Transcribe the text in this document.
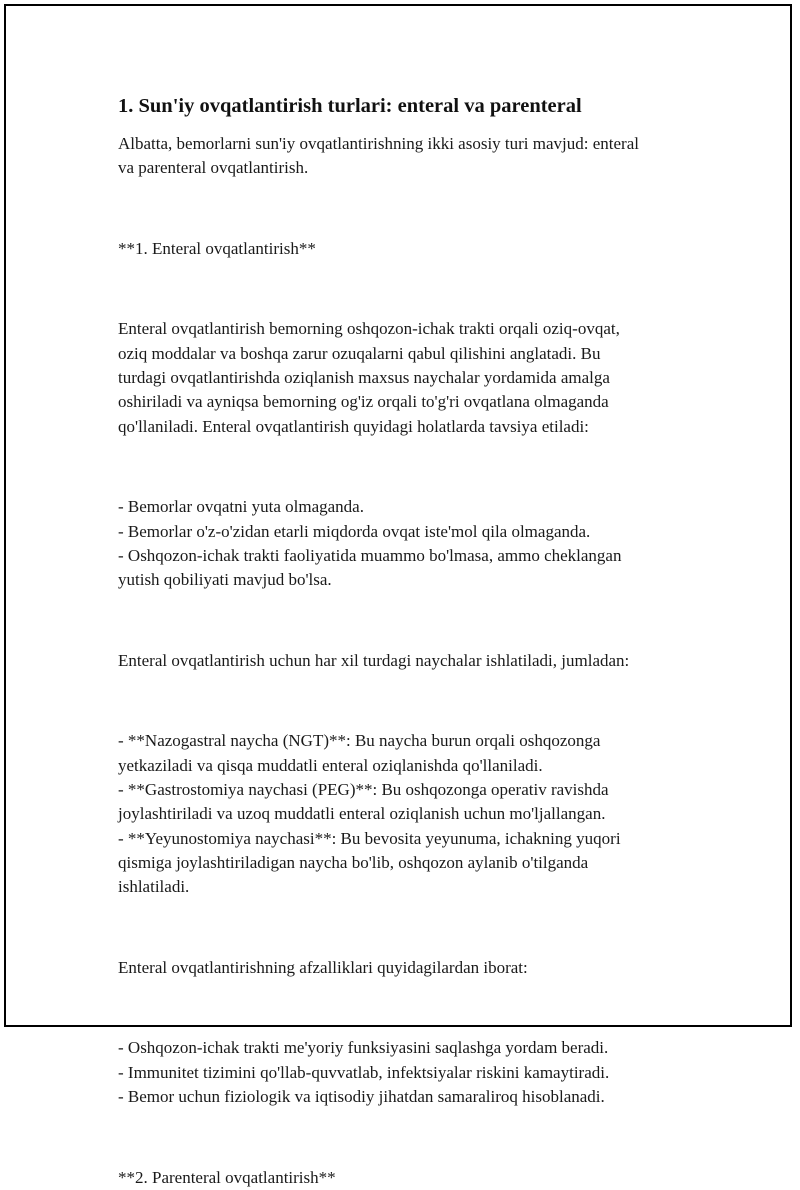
1. Sun'iy ovqatlantirish turlari: enteral va parenteral

Albatta, bemorlarni sun'iy ovqatlantirishning ikki asosiy turi mavjud: enteral

va parenteral ovqatlantirish.

**1. Enteral ovqatlantirish**

Enteral ovqatlantirish bemorning oshqozon-ichak trakti orqali oziq-ovqat,

oziq moddalar va boshqa zarur ozuqalarni qabul qilishini anglatadi. Bu

turdagi ovqatlantirishda oziqlanish maxsus naychalar yordamida amalga

oshiriladi va ayniqsa bemorning og'iz orqali to'g'ri ovqatlana olmaganda

qo'llaniladi. Enteral ovqatlantirish quyidagi holatlarda tavsiya etiladi:

- Bemorlar ovqatni yuta olmaganda.

- Bemorlar o'z-o'zidan etarli miqdorda ovqat iste'mol qila olmaganda.

- Oshqozon-ichak trakti faoliyatida muammo bo'lmasa, ammo cheklangan

yutish qobiliyati mavjud bo'lsa.

Enteral ovqatlantirish uchun har xil turdagi naychalar ishlatiladi, jumladan:

- **Nazogastral naycha (NGT)**: Bu naycha burun orqali oshqozonga

yetkaziladi va qisqa muddatli enteral oziqlanishda qo'llaniladi.

- **Gastrostomiya naychasi (PEG)**: Bu oshqozonga operativ ravishda

joylashtiriladi va uzoq muddatli enteral oziqlanish uchun mo'ljallangan.

- **Yeyunostomiya naychasi**: Bu bevosita yeyunuma, ichakning yuqori

qismiga joylashtiriladigan naycha bo'lib, oshqozon aylanib o'tilganda

ishlatiladi.

Enteral ovqatlantirishning afzalliklari quyidagilardan iborat:

- Oshqozon-ichak trakti me'yoriy funksiyasini saqlashga yordam beradi.

- Immunitet tizimini qo'llab-quvvatlab, infektsiyalar riskini kamaytiradi.

- Bemor uchun fiziologik va iqtisodiy jihatdan samaraliroq hisoblanadi.

**2. Parenteral ovqatlantirish**
